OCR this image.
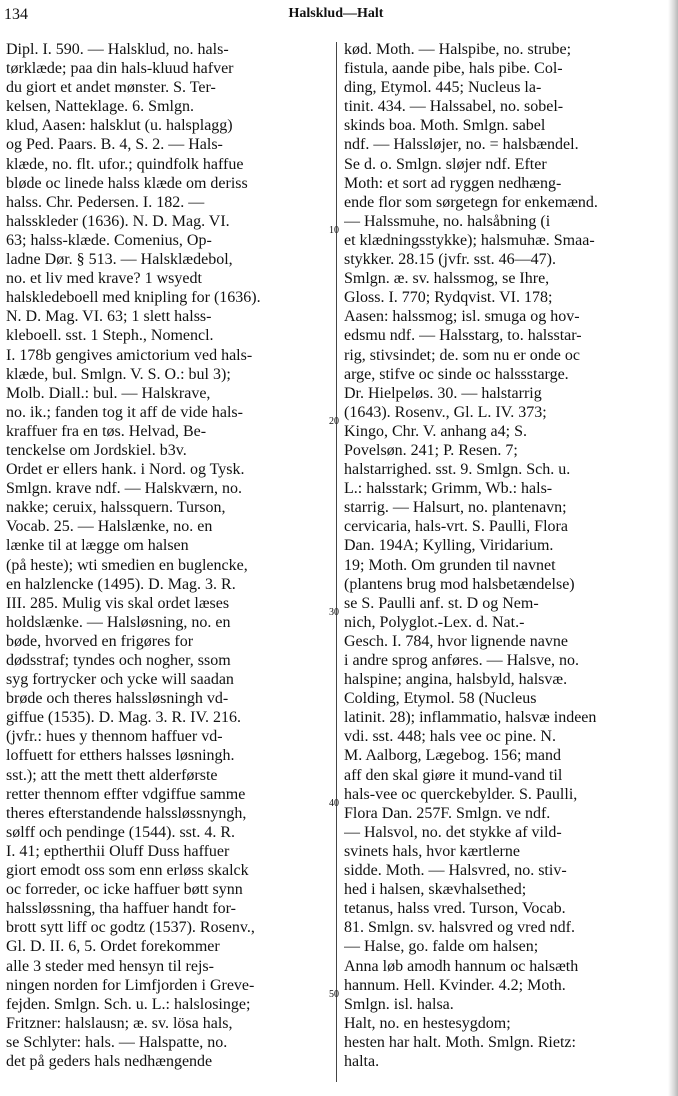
134	Halsklud—Halt
Dipl. I. 590. — Halsklud, no. hals-
tørklæde; paa din hals-kluud hafver
du giort et andet mønster. S. Ter-
kelsen, Natteklage. 6. Smlgn.
klud, Aasen: halsklut (u. halsplagg)
og Ped. Paars. B. 4, S. 2. — Hals-
klæde, no. flt. ufor.; quindfolk haffue
bløde oc linede halss klæde om deriss
halss. Chr. Pedersen. I. 182. —
halsskleder (1636). N. D. Mag. VI.
63; halss-klæde. Comenius, Op-
ladne Dør. § 513. — Halsklædebol,
no. et liv med krave? 1 wsyedt
halskledeboell med knipling for (1636).
N. D. Mag. VI. 63; 1 slett halss-
kleboell. sst. 1 Steph., Nomencl.
I. 178b gengives amictorium ved hals-
klæde, bul. Smlgn. V. S. O.: bul 3);
Molb. Diall.: bul. — Halskrave,
no. ik.; fanden tog it aff de vide hals-
kraffuer fra en tøs. Helvad, Be-
tenckelse om Jordskiel. b3v.
Ordet er ellers hank. i Nord. og Tysk.
Smlgn. krave ndf. — Halskværn, no.
nakke; ceruix, halssquern. Turson,
Vocab. 25. — Halslænke, no. en
lænke til at lægge om halsen
(på heste); wti smedien en buglencke,
en halzlencke (1495). D. Mag. 3. R.
III. 285. Mulig vis skal ordet læses
holdslænke. — Halsløsning, no. en
bøde, hvorved en frigøres for
dødsstraf; tyndes och nogher, ssom
syg fortrycker och ycke will saadan
brøde och theres halssløsningh vd-
giffue (1535). D. Mag. 3. R. IV. 216.
(jvfr.: hues y thennom haffuer vd-
loffuett for etthers halsses løsningh.
sst.); att the mett thett alderførste
retter thennom effter vdgiffue samme
theres efterstandende halssløssnyngh,
sølff och pendinge (1544). sst. 4. R.
I. 41; eptherthii Oluff Duss haffuer
giort emodt oss som enn erløss skalck
oc forreder, oc icke haffuer bøtt synn
halssløssning, tha haffuer handt for-
brott sytt liff oc godtz (1537). Rosenv.,
Gl. D. II. 6, 5. Ordet forekommer
alle 3 steder med hensyn til rejs-
ningen norden for Limfjorden i Greve-
fejden. Smlgn. Sch. u. L.: halslosinge;
Fritzner: halslausn; æ. sv. lösa hals,
se Schlyter: hals. — Halspatte, no.
det på geders hals nedhængende
kød. Moth. — Halspibe, no. strube;
fistula, aande pibe, hals pibe. Col-
ding, Etymol. 445; Nucleus la-
tinit. 434. — Halssabel, no. sobel-
skinds boa. Moth. Smlgn. sabel
ndf. — Halssløjer, no. = halsbændel.
Se d. o. Smlgn. sløjer ndf. Efter
Moth: et sort ad ryggen nedhæng-
ende flor som sørgetegn for enkemænd.
— Halssmuhe, no. halsåbning (i
et klædningsstykke); halsmuhæ. Smaa-
stykker. 28.15 (jvfr. sst. 46—47).
Smlgn. æ. sv. halssmog, se Ihre,
Gloss. I. 770; Rydqvist. VI. 178;
Aasen: halssmog; isl. smuga og hov-
edsmu ndf. — Halsstarg, to. halsstar-
rig, stivsindet; de. som nu er onde oc
arge, stifve oc sinde oc halssstarge.
Dr. Hielpeløs. 30. — halstarrig
(1643). Rosenv., Gl. L. IV. 373;
Kingo, Chr. V. anhang a4; S.
Povelsøn. 241; P. Resen. 7;
halstarrighed. sst. 9. Smlgn. Sch. u.
L.: halsstark; Grimm, Wb.: hals-
starrig. — Halsurt, no. plantenavn;
cervicaria, hals-vrt. S. Paulli, Flora
Dan. 194A; Kylling, Viridarium.
19; Moth. Om grunden til navnet
(plantens brug mod halsbetændelse)
se S. Paulli anf. st. D og Nem-
nich, Polyglot.-Lex. d. Nat.-
Gesch. I. 784, hvor lignende navne
i andre sprog anføres. — Halsve, no.
halspine; angina, halsbyld, halsvæ.
Colding, Etymol. 58 (Nucleus
latinit. 28); inflammatio, halsvæ indeen
vdi. sst. 448; hals vee oc pine. N.
M. Aalborg, Lægebog. 156; mand
aff den skal giøre it mund-vand til
hals-vee oc querckebylder. S. Paulli,
Flora Dan. 257F. Smlgn. ve ndf.
— Halsvol, no. det stykke af vild-
svinets hals, hvor kærtlerne
sidde. Moth. — Halsvred, no. stiv-
hed i halsen, skævhalsethed;
tetanus, halss vred. Turson, Vocab.
81. Smlgn. sv. halsvred og vred ndf.
— Halse, go. falde om halsen;
Anna løb amodh hannum oc halsæth
hannum. Hell. Kvinder. 4.2; Moth.
Smlgn. isl. halsa.
Halt, no. en hestesygdom;
hesten har halt. Moth. Smlgn. Rietz:
halta.
10
20
30
40
50
